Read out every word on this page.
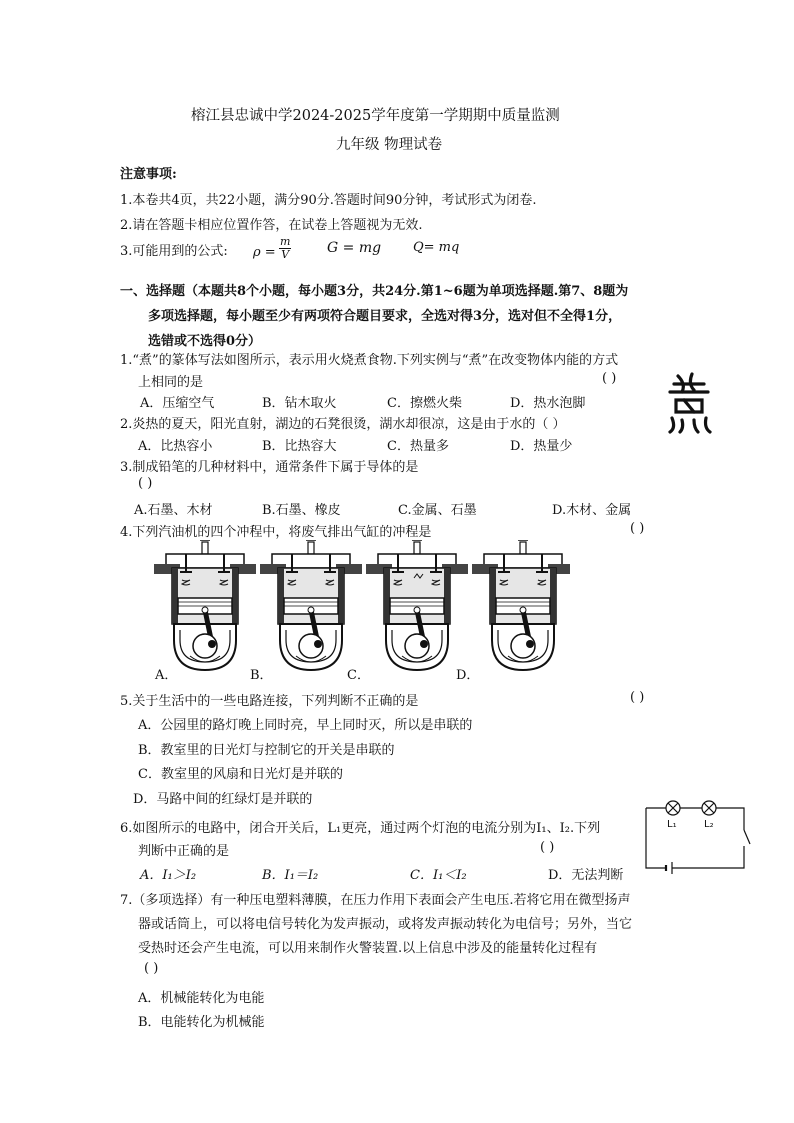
榕江县忠诚中学2024-2025学年度第一学期期中质量监测
九年级 物理试卷
注意事项:
1.本卷共4页，共22小题，满分90分.答题时间90分钟，考试形式为闭卷.
2.请在答题卡相应位置作答，在试卷上答题视为无效.
3.可能用到的公式: $\rho = \frac{m}{V}$	G = mg Q= mq
一、选择题（本题共8个小题，每小题3分，共24分.第1~6题为单项选择题.第7、8题为
多项选择题，每小题至少有两项符合题目要求，全选对得3分，选对但不全得1分，
选错或不选得0分）
1.“煮”的篆体写法如图所示，表示用火烧煮食物.下列实例与“煮”在改变物体内能的方式
上相同的是	( )
A．压缩空气	B．钻木取火	C．擦燃火柴	D．热水泡脚
2.炎热的夏天，阳光直射，湖边的石凳很烫，湖水却很凉，这是由于水的（ ）
A．比热容小	B．比热容大	C．热量多	D．热量少
3.制成铅笔的几种材料中，通常条件下属于导体的是
( )
A.石墨、木材	B.石墨、橡皮	C.金属、石墨	D.木材、金属
4.下列汽油机的四个冲程中，将废气排出气缸的冲程是	( )
A．	B．	C．	D．
5.关于生活中的一些电路连接，下列判断不正确的是	( )
A．公园里的路灯晚上同时亮，早上同时灭，所以是串联的
B．教室里的日光灯与控制它的开关是串联的
C．教室里的风扇和日光灯是并联的
D．马路中间的红绿灯是并联的
L₁	L₂
6.如图所示的电路中，闭合开关后，L₁更亮，通过两个灯泡的电流分别为I₁、I₂.下列
判断中正确的是	( )
A．I₁＞I₂	B．I₁＝I₂	C．I₁＜I₂	D．无法判断
7.（多项选择）有一种压电塑料薄膜，在压力作用下表面会产生电压.若将它用在微型扬声
器或话筒上，可以将电信号转化为发声振动，或将发声振动转化为电信号；另外，当它
受热时还会产生电流，可以用来制作火警装置.以上信息中涉及的能量转化过程有
( )
A．机械能转化为电能
B．电能转化为机械能
